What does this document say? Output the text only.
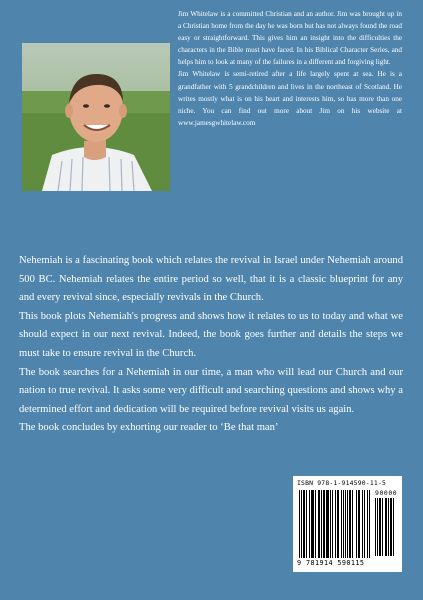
Jim Whitelaw is a committed Christian and an author. Jim was brought up in a Christian home from the day he was born but has not always found the road easy or straightforward. This gives him an insight into the difficulties the characters in the Bible must have faced. In his Biblical Character Series, and helps him to look at many of the failures in a different and forgiving light.

Jim Whitelaw is semi-retired after a life largely spent at sea. He is a grandfather with 5 grandchildren and lives in the northeast of Scotland. He writes mostly what is on his heart and interests him, so has more than one niche. You can find out more about Jim on his website at www.jamesgwhitelaw.com

Nehemiah is a fascinating book which relates the revival in Israel under Nehemiah around 500 BC. Nehemiah relates the entire period so well, that it is a classic blueprint for any and every revival since, especially revivals in the Church.

This book plots Nehemiah's progress and shows how it relates to us to today and what we should expect in our next revival. Indeed, the book goes further and details the steps we must take to ensure revival in the Church.

The book searches for a Nehemiah in our time, a man who will lead our Church and our nation to true revival. It asks some very difficult and searching questions and shows why a determined effort and dedication will be required before revival visits us again.

The book concludes by exhorting our reader to ‘Be that man’

ISBN 978-1-914590-11-5
90000
9 781914 590115
